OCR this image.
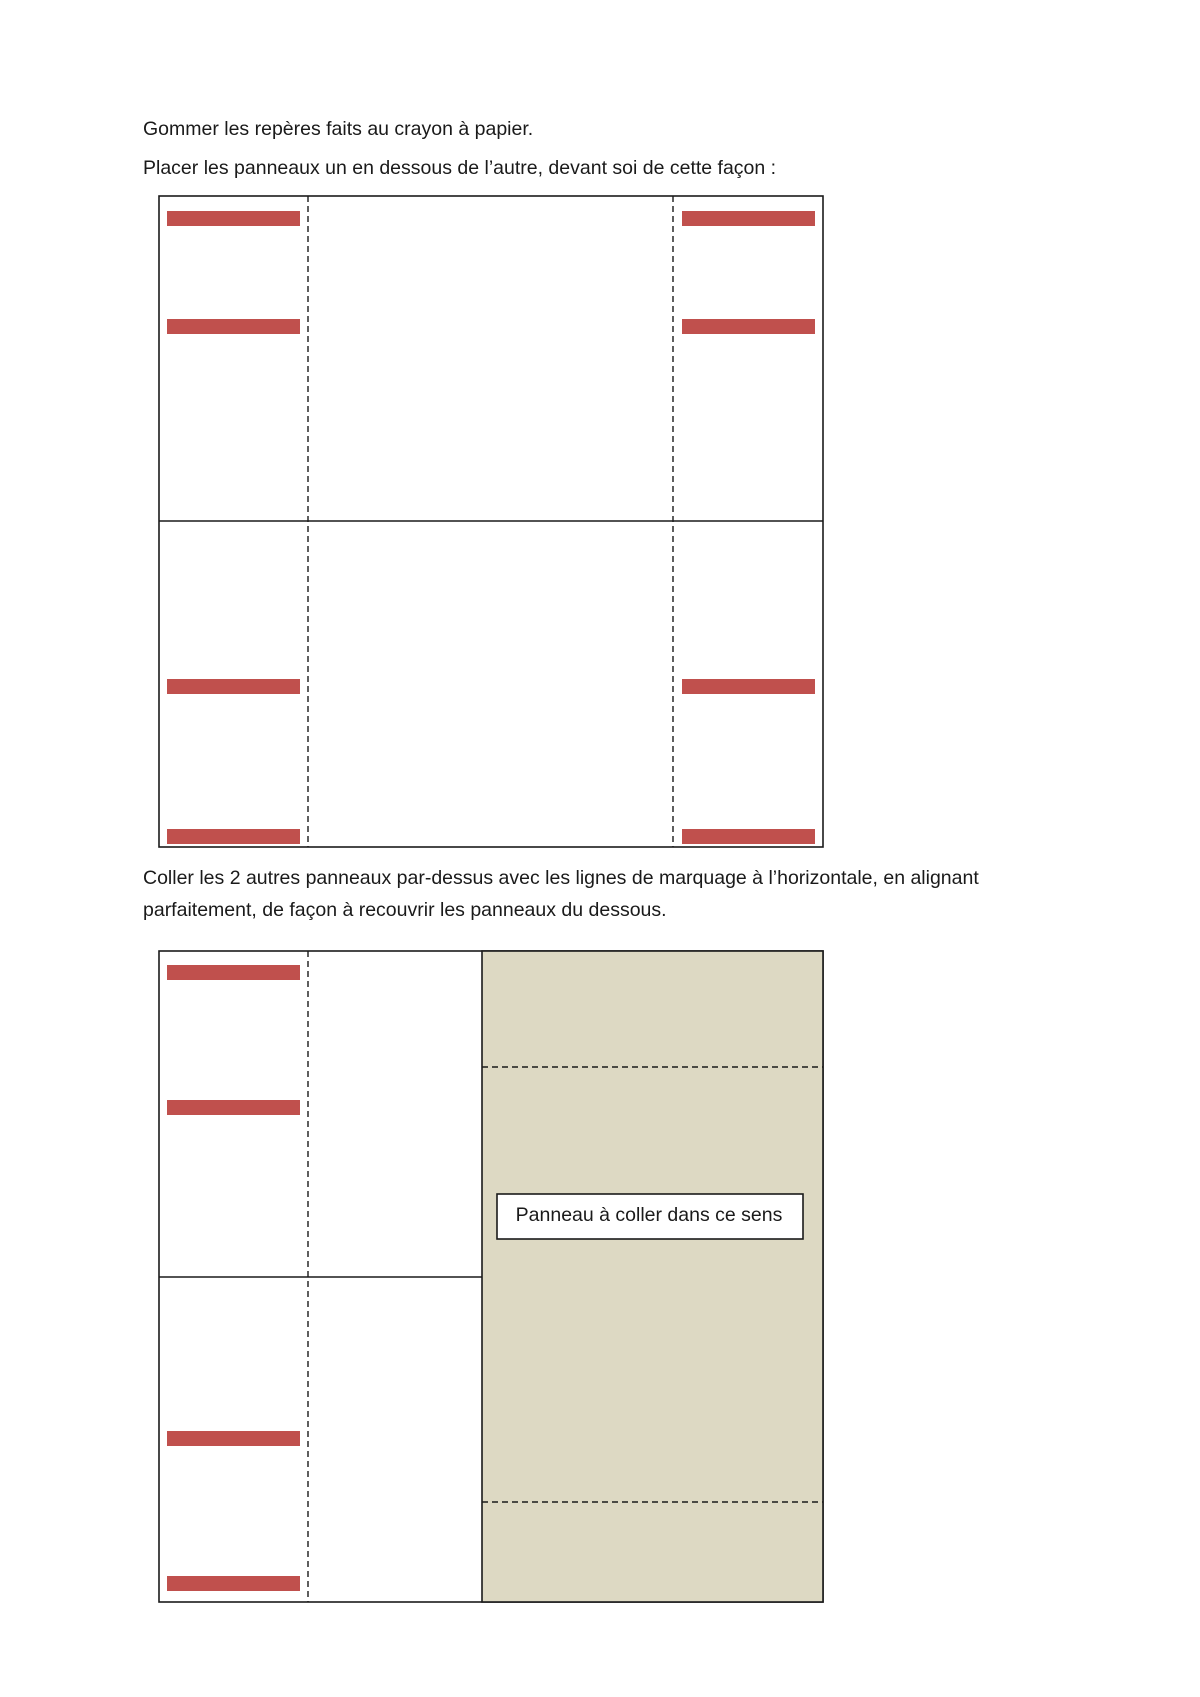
Gommer les repères faits au crayon à papier.

Placer les panneaux un en dessous de l’autre, devant soi de cette façon :

Coller les 2 autres panneaux par-dessus avec les lignes de marquage à l’horizontale, en alignant
parfaitement, de façon à recouvrir les panneaux du dessous.

Panneau à coller dans ce sens
